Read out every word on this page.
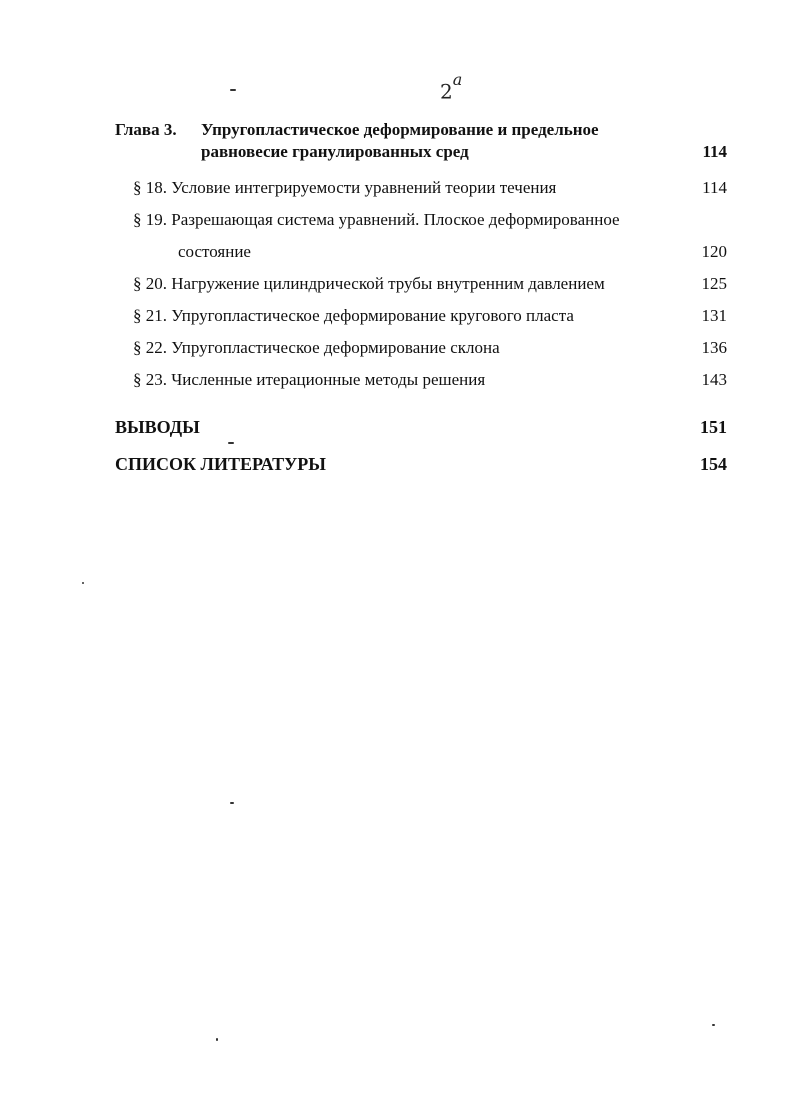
2$^a$
Глава 3. Упругопластическое деформирование и предельное
равновесие гранулированных сред	114
§ 18. Условие интегрируемости уравнений теории течения	114
§ 19. Разрешающая система уравнений. Плоское деформированное
состояние	120
§ 20. Нагружение цилиндрической трубы внутренним давлением	125
§ 21. Упругопластическое деформирование кругового пласта	131
§ 22. Упругопластическое деформирование склона	136
§ 23. Численные итерационные методы решения	143
ВЫВОДЫ	151
СПИСОК ЛИТЕРАТУРЫ	154
